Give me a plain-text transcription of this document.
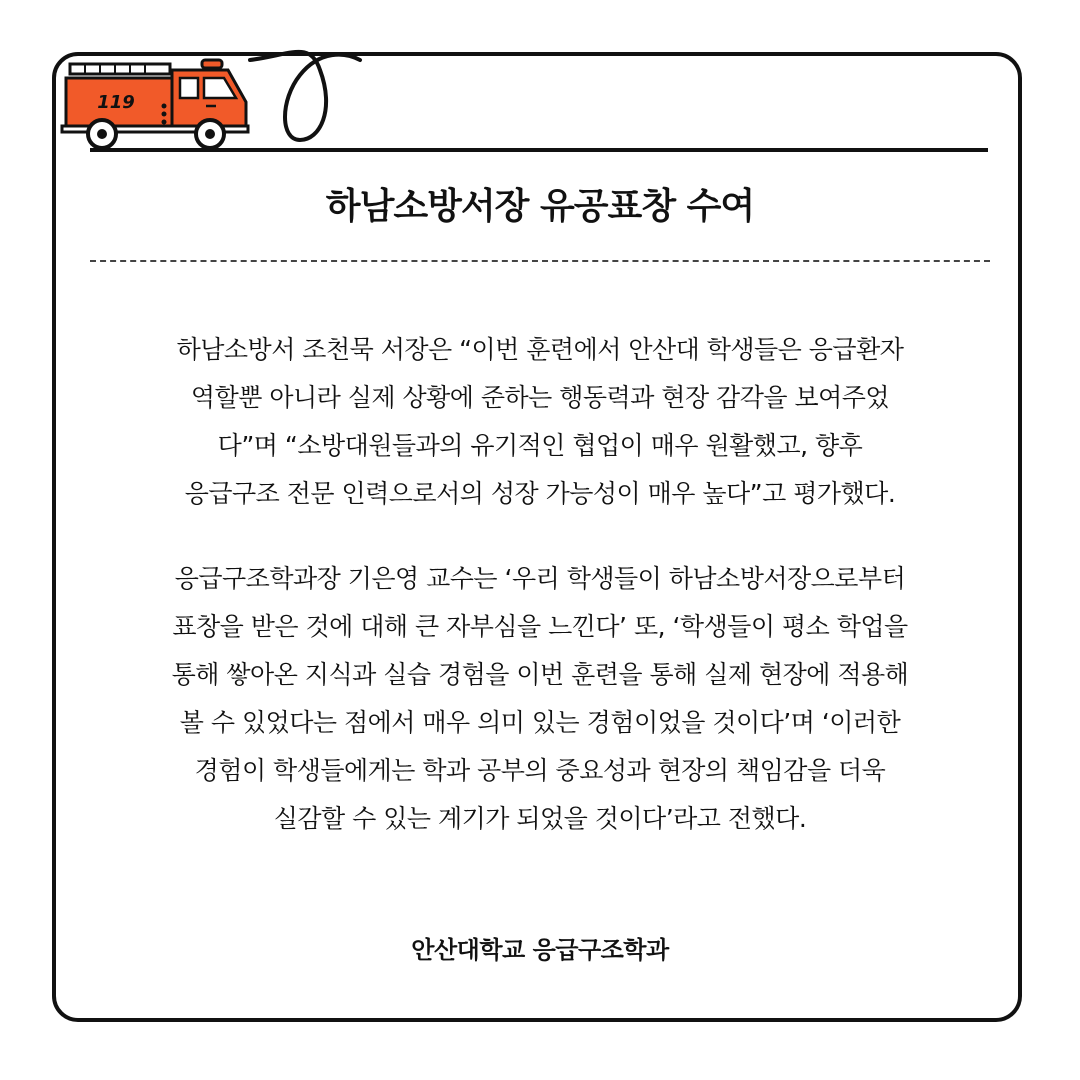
119
하남소방서장 유공표창 수여

하남소방서 조천묵 서장은 “이번 훈련에서 안산대 학생들은 응급환자
역할뿐 아니라 실제 상황에 준하는 행동력과 현장 감각을 보여주었
다”며 “소방대원들과의 유기적인 협업이 매우 원활했고, 향후
응급구조 전문 인력으로서의 성장 가능성이 매우 높다”고 평가했다.

응급구조학과장 기은영 교수는 ‘우리 학생들이 하남소방서장으로부터
표창을 받은 것에 대해 큰 자부심을 느낀다’ 또, ‘학생들이 평소 학업을
통해 쌓아온 지식과 실습 경험을 이번 훈련을 통해 실제 현장에 적용해
볼 수 있었다는 점에서 매우 의미 있는 경험이었을 것이다’며 ‘이러한
경험이 학생들에게는 학과 공부의 중요성과 현장의 책임감을 더욱
실감할 수 있는 계기가 되었을 것이다’라고 전했다.

안산대학교 응급구조학과
